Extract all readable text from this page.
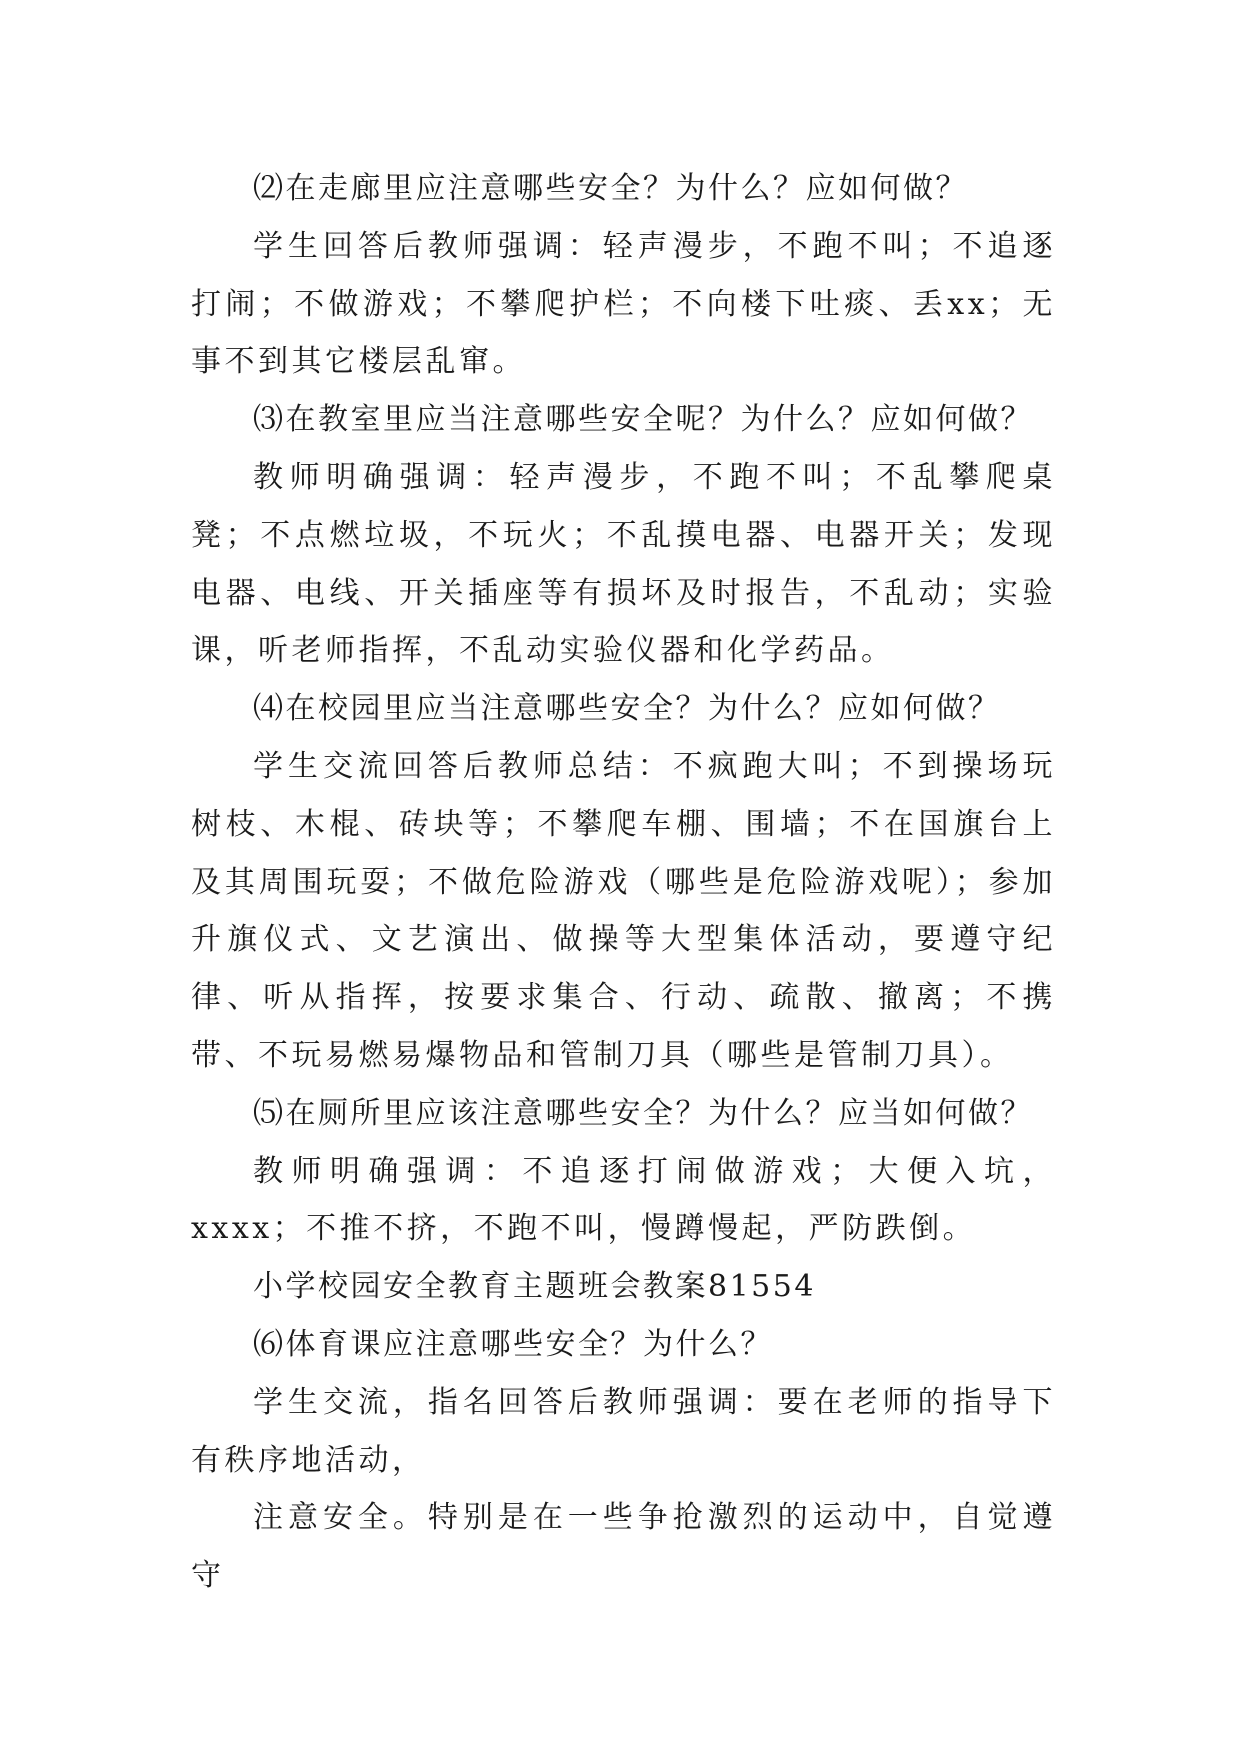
⑵在走廊里应注意哪些安全？为什么？应如何做？

学生回答后教师强调：轻声漫步，不跑不叫；不追逐打闹；不做游戏；不攀爬护栏；不向楼下吐痰、丢xx；无事不到其它楼层乱窜。

⑶在教室里应当注意哪些安全呢？为什么？应如何做？

教师明确强调：轻声漫步，不跑不叫；不乱攀爬桌凳；不点燃垃圾，不玩火；不乱摸电器、电器开关；发现电器、电线、开关插座等有损坏及时报告，不乱动；实验课，听老师指挥，不乱动实验仪器和化学药品。

⑷在校园里应当注意哪些安全？为什么？应如何做？

学生交流回答后教师总结：不疯跑大叫；不到操场玩树枝、木棍、砖块等；不攀爬车棚、围墙；不在国旗台上及其周围玩耍；不做危险游戏（哪些是危险游戏呢）；参加升旗仪式、文艺演出、做操等大型集体活动，要遵守纪律、听从指挥，按要求集合、行动、疏散、撤离；不携带、不玩易燃易爆物品和管制刀具（哪些是管制刀具）。

⑸在厕所里应该注意哪些安全？为什么？应当如何做？

教师明确强调：不追逐打闹做游戏；大便入坑，xxxx；不推不挤，不跑不叫，慢蹲慢起，严防跌倒。

小学校园安全教育主题班会教案81554

⑹体育课应注意哪些安全？为什么？

学生交流，指名回答后教师强调：要在老师的指导下有秩序地活动，

注意安全。特别是在一些争抢激烈的运动中，自觉遵守
